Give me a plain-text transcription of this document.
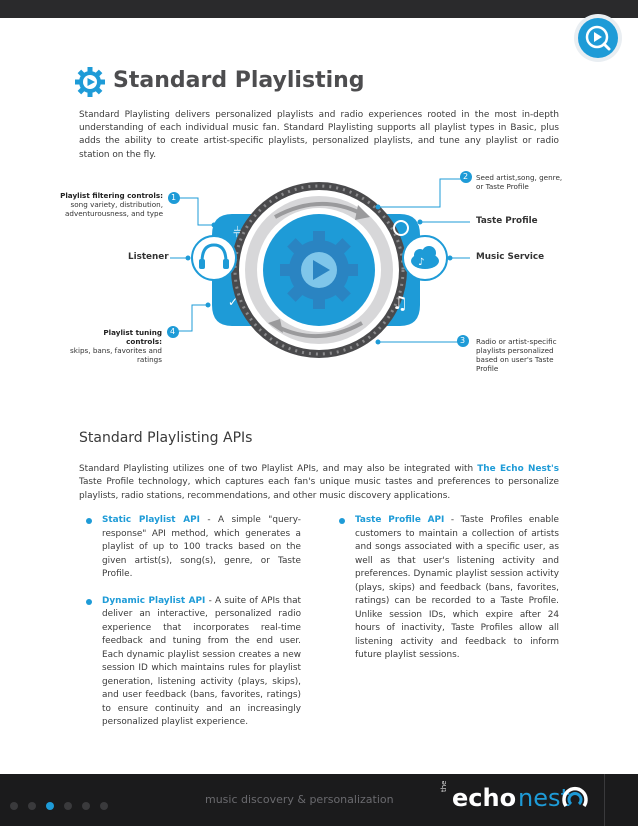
Standard Playlisting
Standard Playlisting delivers personalized playlists and radio experiences rooted in the most in-depth understanding of each individual music fan. Standard Playlisting supports all playlist types in Basic, plus adds the ability to create artist-specific playlists, personalized playlists, and tune any playlist or radio station on the fly.
♪
⫩
✓	♫
1
2
4
3
Playlist filtering controls:
song variety, distribution, adventurousness, and type
Seed artist,song, genre, or Taste Profile
Taste Profile
Listener	Music Service
Playlist tuning controls:
skips, bans, favorites and ratings
Radio or artist-specific playlists personalized based on user's Taste Profile
Standard Playlisting APIs
Standard Playlisting utilizes one of two Playlist APIs, and may also be integrated with The Echo Nest's Taste Profile technology, which captures each fan's unique music tastes and preferences to personalize playlists, radio stations, recommendations, and other music discovery applications.
Static Playlist API - A simple "query-response" API method, which generates a playlist of up to 100 tracks based on the given artist(s), song(s), genre, or Taste Profile.
Dynamic Playlist API - A suite of APIs that deliver an interactive, personalized radio experience that incorporates real-time feedback and tuning from the end user. Each dynamic playlist session creates a new session ID which maintains rules for playlist generation, listening activity (plays, skips), and user feedback (bans, favorites, ratings) to ensure continuity and an increasingly personalized playlist experience.
Taste Profile API - Taste Profiles enable customers to maintain a collection of artists and songs associated with a specific user, as well as that user's listening activity and preferences. Dynamic playlist session activity (plays, skips) and feedback (bans, favorites, ratings) can be recorded to a Taste Profile. Unlike session IDs, which expire after 24 hours of inactivity, Taste Profiles allow all listening activity and feedback to inform future playlist sessions.
music discovery & personalization
the echo nest
